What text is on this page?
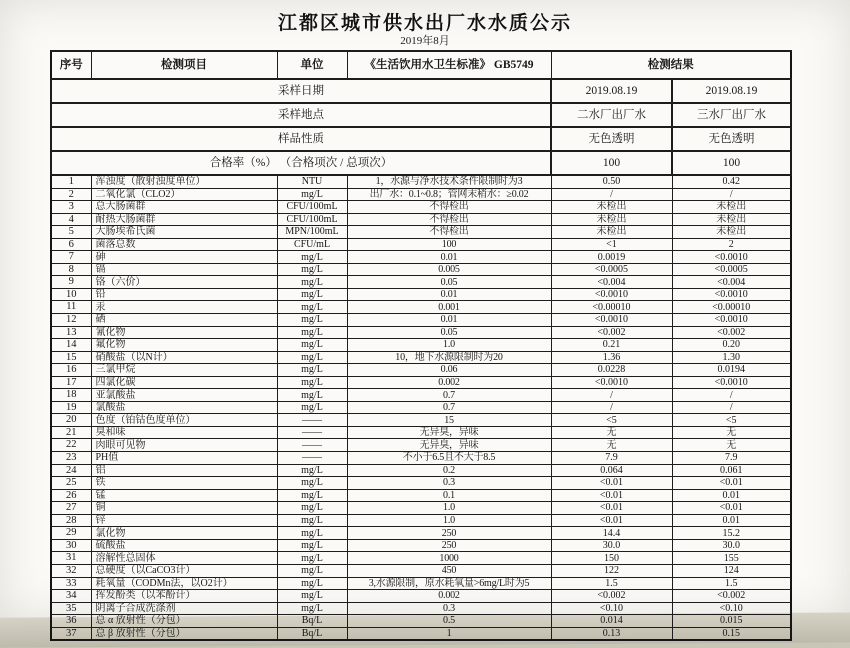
江都区城市供水出厂水水质公示
2019年8月
采样日期				2019.08.19	2019.08.19
采样地点				二水厂出厂水	三水厂出厂水
样品性质				无色透明	无色透明
合格率（%） （合格项次 / 总项次）				100	100
序号	检测项目	单位	《生活饮用水卫生标准》 GB5749	检测结果	
1	浑浊度（散射浊度单位）	NTU	1，水源与净水技术条件限制时为3	0.50	0.42
2	二氧化氯（CLO2）	mg/L	出厂水：0.1~0.8；管网末稍水：≥0.02	/	/
3	总大肠菌群	CFU/100mL	不得检出	未检出	未检出
4	耐热大肠菌群	CFU/100mL	不得检出	未检出	未检出
5	大肠埃希氏菌	MPN/100mL	不得检出	未检出	未检出
6	菌落总数	CFU/mL	100	<1	2
7	砷	mg/L	0.01	0.0019	<0.0010
8	镉	mg/L	0.005	<0.0005	<0.0005
9	铬（六价）	mg/L	0.05	<0.004	<0.004
10	铅	mg/L	0.01	<0.0010	<0.0010
11	汞	mg/L	0.001	<0.00010	<0.00010
12	硒	mg/L	0.01	<0.0010	<0.0010
13	氰化物	mg/L	0.05	<0.002	<0.002
14	氟化物	mg/L	1.0	0.21	0.20
15	硝酸盐（以N计）	mg/L	10，地下水源限制时为20	1.36	1.30
16	三氯甲烷	mg/L	0.06	0.0228	0.0194
17	四氯化碳	mg/L	0.002	<0.0010	<0.0010
18	亚氯酸盐	mg/L	0.7	/	/
19	氯酸盐	mg/L	0.7	/	/
20	色度（铂钴色度单位）	——	15	<5	<5
21	臭和味	——	无异臭，异味	无	无
22	肉眼可见物	——	无异臭，异味	无	无
23	PH值	——	不小于6.5且不大于8.5	7.9	7.9
24	铝	mg/L	0.2	0.064	0.061
25	铁	mg/L	0.3	<0.01	<0.01
26	锰	mg/L	0.1	<0.01	0.01
27	铜	mg/L	1.0	<0.01	<0.01
28	锌	mg/L	1.0	<0.01	0.01
29	氯化物	mg/L	250	14.4	15.2
30	硫酸盐	mg/L	250	30.0	30.0
31	溶解性总固体	mg/L	1000	150	155
32	总硬度（以CaCO3计）	mg/L	450	122	124
33	耗氧量（CODMn法，以O2计）	mg/L	3,水源限制，原水耗氧量>6mg/L时为5	1.5	1.5
34	挥发酚类（以苯酚计）	mg/L	0.002	<0.002	<0.002
35	阴离子合成洗涤剂	mg/L	0.3	<0.10	<0.10
36	总 α 放射性（分包）	Bq/L	0.5	0.014	0.015
37	总 β 放射性（分包）	Bq/L	1	0.13	0.15
